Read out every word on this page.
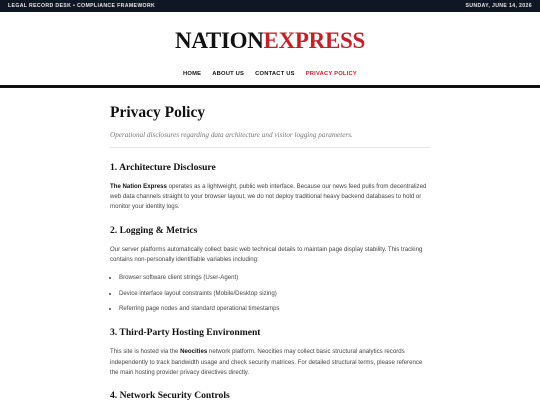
LEGAL RECORD DESK • COMPLIANCE FRAMEWORK	SUNDAY, JUNE 14, 2026
NATIONEXPRESS
HOME ABOUT US CONTACT US PRIVACY POLICY
Privacy Policy
Operational disclosures regarding data architecture and visitor logging parameters.
1. Architecture Disclosure

The Nation Express operates as a lightweight, public web interface. Because our news feed pulls from decentralized web data channels straight to your browser layout, we do not deploy traditional heavy backend databases to hold or monitor your identity logs.

2. Logging & Metrics

Our server platforms automatically collect basic web technical details to maintain page display stability. This tracking contains non-personally identifiable variables including:

• Browser software client strings (User-Agent)
• Device interface layout constraints (Mobile/Desktop sizing)
• Referring page nodes and standard operational timestamps
3. Third-Party Hosting Environment

This site is hosted via the Neocities network platform. Neocities may collect basic structural analytics records independently to track bandwidth usage and check security matrices. For detailed structural terms, please reference the main hosting provider privacy directives directly.

4. Network Security Controls
